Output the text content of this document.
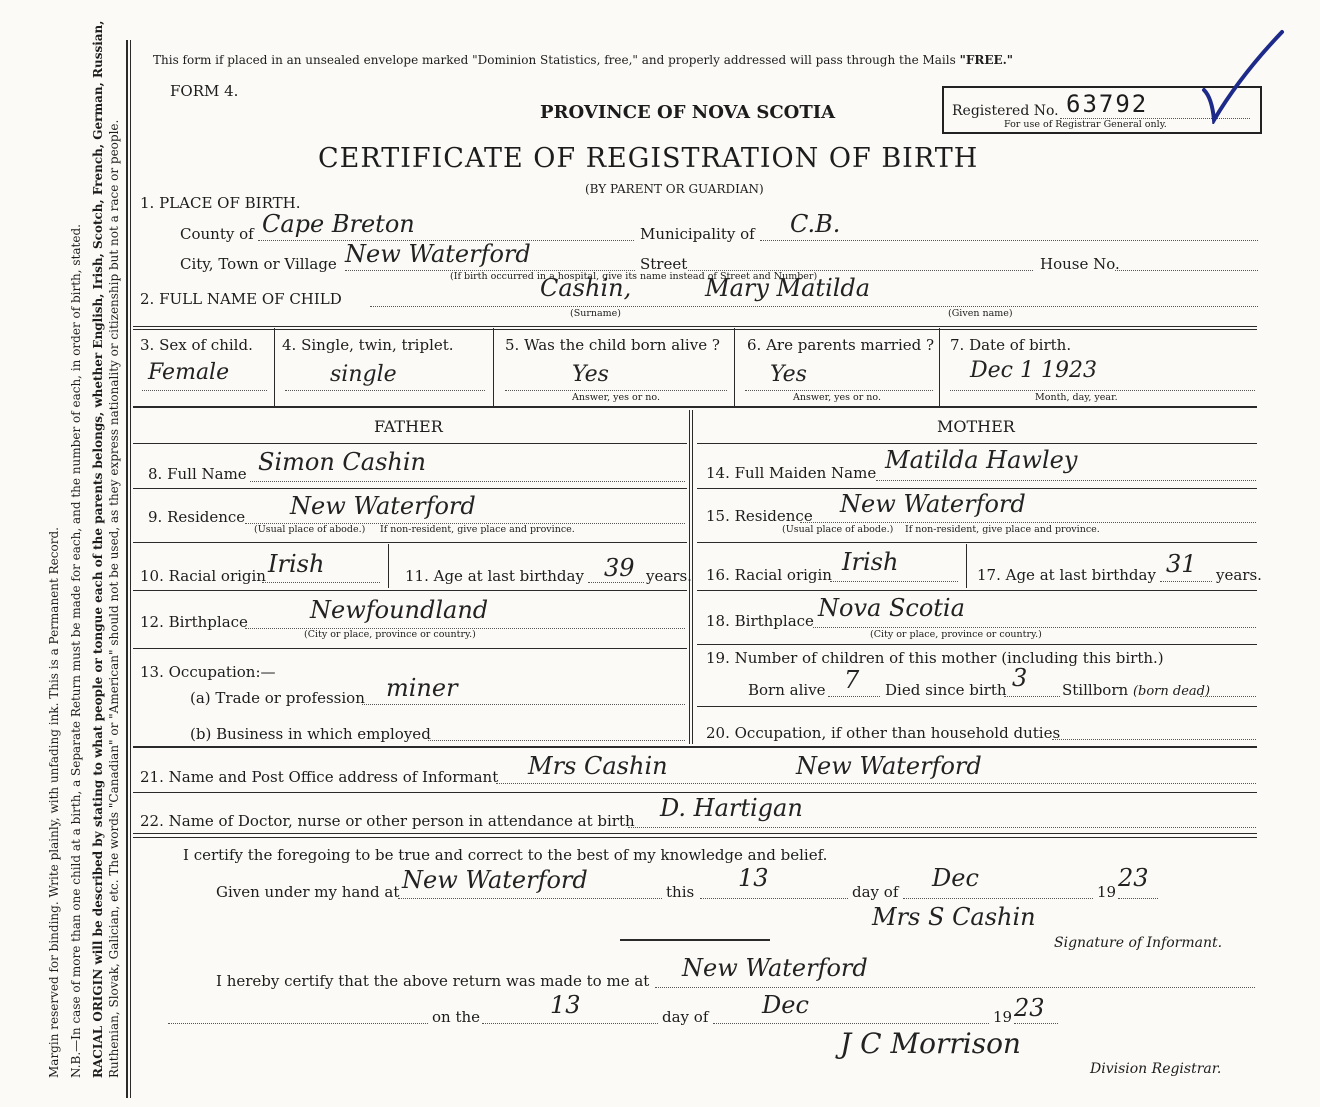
Margin reserved for binding. Write plainly, with unfading ink. This is a Permanent Record. N.B.—In case of more than one child at a birth, a Separate Return must be made for each, and the number of each, in order of birth, stated. RACIAL ORIGIN will be described by stating to what people or tongue each of the parents belongs, whether English, Irish, Scotch, French, German, Russian, Ruthenian, Slovak, Galician, etc. The words "Canadian" or "American" should not be used, as they express nationality or citizenship but not a race or people.
This form if placed in an unsealed envelope marked "Dominion Statistics, free," and properly addressed will pass through the Mails "FREE."
FORM 4.
PROVINCE OF NOVA SCOTIA
CERTIFICATE OF REGISTRATION OF BIRTH
(BY PARENT OR GUARDIAN)
Registered No. 63792
For use of Registrar General only.
1. PLACE OF BIRTH.
County of Cape Breton	Municipality of C.B.
City, Town or Village New Waterford	Street	House No.
(If birth occurred in a hospital, give its name instead of Street and Number)
2. FULL NAME OF CHILD	Cashin,	Mary Matilda
(Surname)	(Given name)
3. Sex of child.
Female
4. Single, twin, triplet.
single
5. Was the child born alive ?
Yes
Answer, yes or no.
6. Are parents married ?
Yes
Answer, yes or no.
7. Date of birth.
Dec 1 1923
Month, day, year.
FATHER	MOTHER
8. Full Name Simon Cashin
9. Residence New Waterford
(Usual place of abode.) If non-resident, give place and province.
10. Racial origin Irish	11. Age at last birthday 39 years.
12. Birthplace	Newfoundland
(City or place, province or country.)
13. Occupation:—
(a) Trade or profession miner
(b) Business in which employed
14. Full Maiden Name Matilda Hawley
15. Residence New Waterford
(Usual place of abode.) If non-resident, give place and province.
16. Racial origin Irish	17. Age at last birthday 31 years.
18. Birthplace Nova Scotia
(City or place, province or country.)
19. Number of children of this mother (including this birth.)
Born alive 7 Died since birth 3 Stillborn (born dead)
20. Occupation, if other than household duties
21. Name and Post Office address of Informant Mrs Cashin	New Waterford
22. Name of Doctor, nurse or other person in attendance at birth D. Hartigan
I certify the foregoing to be true and correct to the best of my knowledge and belief.
Given under my hand at New Waterford	this 13	day of Dec	19 23
Mrs S Cashin
Signature of Informant.
I hereby certify that the above return was made to me at New Waterford
on the	13	day of Dec	19 23
J C Morrison
Division Registrar.
